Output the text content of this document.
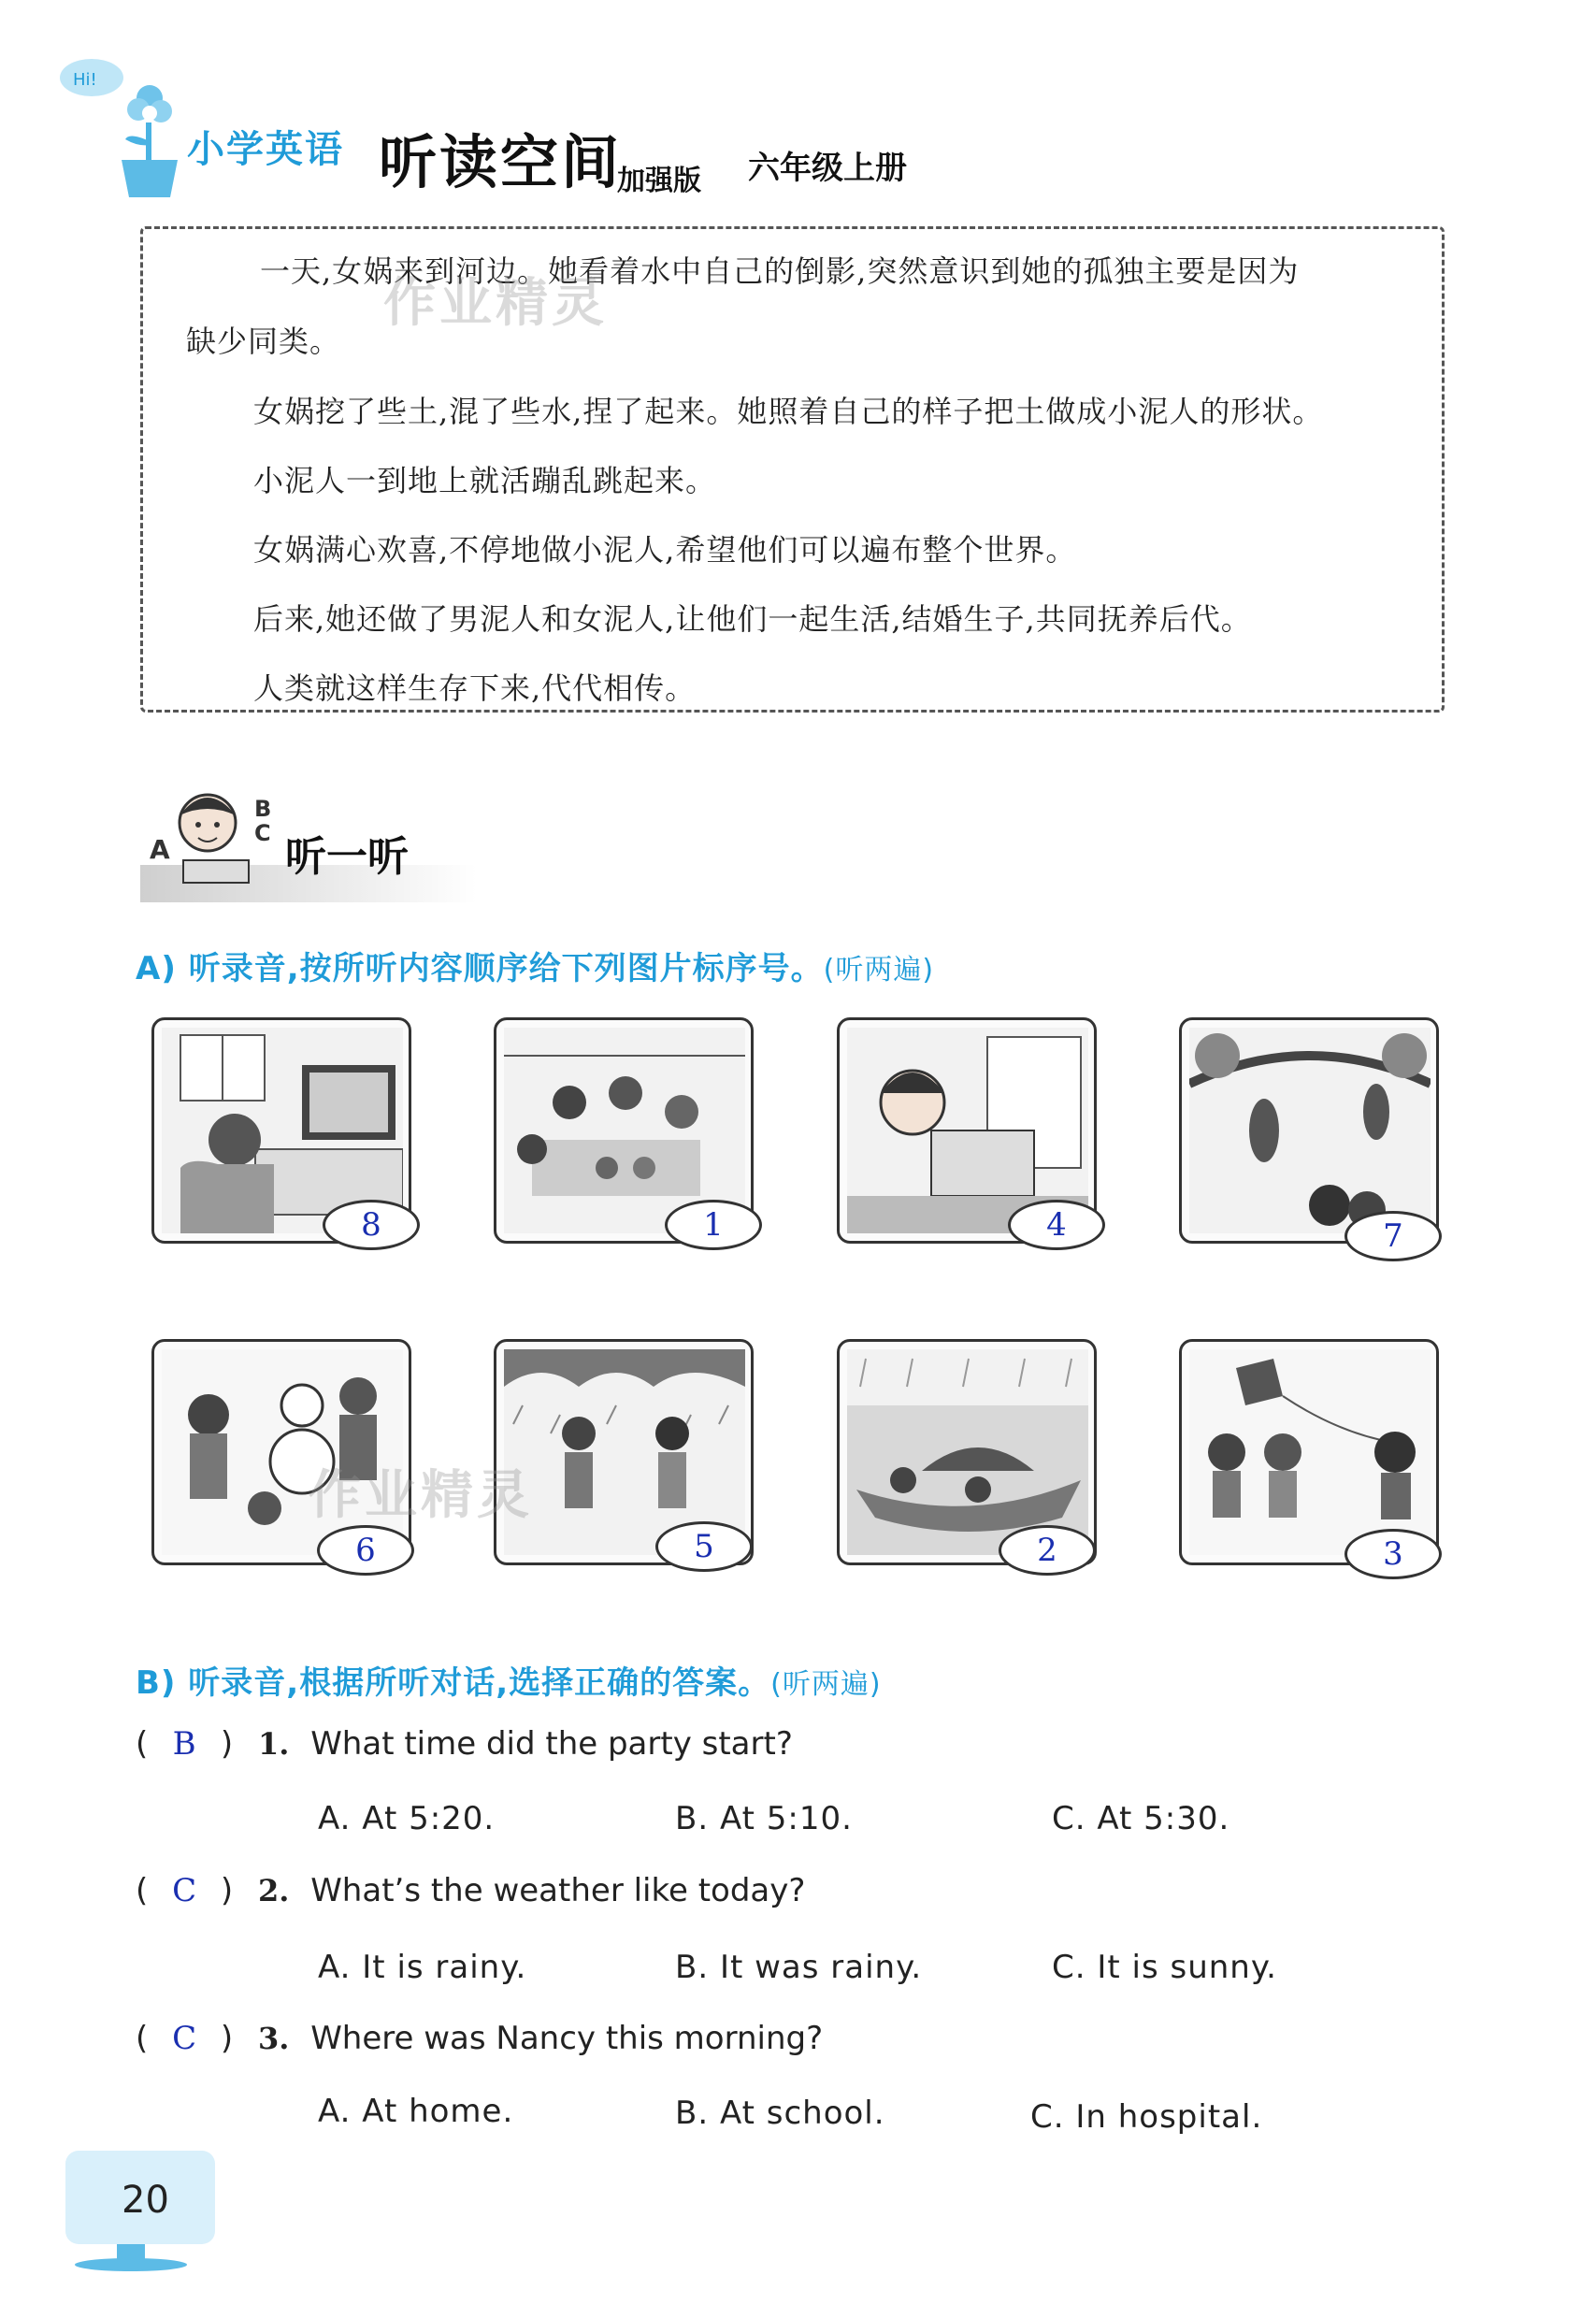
Hi!
小学英语 听读空间
加强版 六年级上册

一天,女娲来到河边。她看着水中自己的倒影,突然意识到她的孤独主要是因为

缺少同类。

女娲挖了些土,混了些水,捏了起来。她照着自己的样子把土做成小泥人的形状。

小泥人一到地上就活蹦乱跳起来。

女娲满心欢喜,不停地做小泥人,希望他们可以遍布整个世界。

后来,她还做了男泥人和女泥人,让他们一起生活,结婚生子,共同抚养后代。

人类就这样生存下来,代代相传。

作业精灵
A
B C 听一听
A) 听录音,按所听内容顺序给下列图片标序号。(听两遍)
8	1	4	7
6	5	2	3
作业精灵
B) 听录音,根据所听对话,选择正确的答案。(听两遍)
( B ) 1. What time did the party start?
A. At 5:20.	B. At 5:10.	C. At 5:30.
( C ) 2. What’s the weather like today?
A. It is rainy.	B. It was rainy.	C. It is sunny.
( C ) 3. Where was Nancy this morning?
A. At home.	B. At school.	C. In hospital.
20
